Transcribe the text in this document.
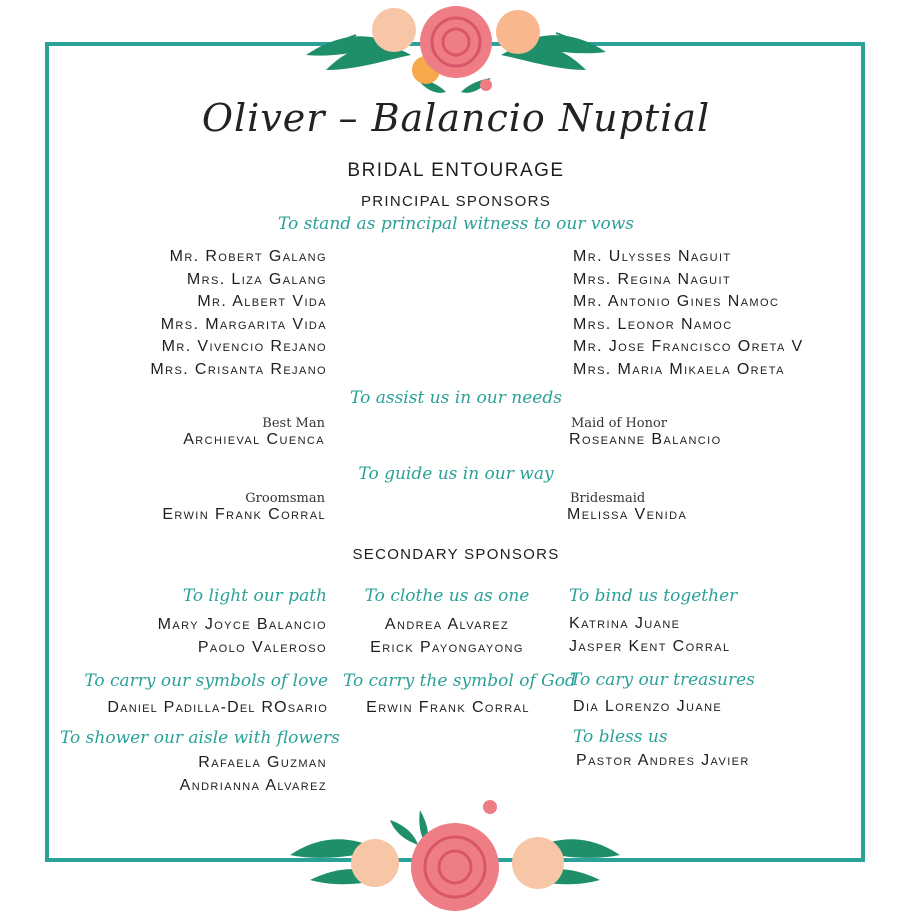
Oliver – Balancio Nuptial
BRIDAL ENTOURAGE
PRINCIPAL SPONSORS
To stand as principal witness to our vows
Mr. Robert Galang
Mrs. Liza Galang
Mr. Albert Vida
Mrs. Margarita Vida
Mr. Vivencio Rejano
Mrs. Crisanta Rejano
Mr. Ulysses Naguit
Mrs. Regina Naguit
Mr. Antonio Gines Namoc
Mrs. Leonor Namoc
Mr. Jose Francisco Oreta V
Mrs. Maria Mikaela Oreta
To assist us in our needs
Best Man
Archieval Cuenca
Maid of Honor
Roseanne Balancio
To guide us in our way
Groomsman
Erwin Frank Corral
Bridesmaid
Melissa Venida
SECONDARY SPONSORS
To light our path
Mary Joyce Balancio
Paolo Valeroso
To clothe us as one
Andrea Alvarez
Erick Payongayong
To bind us together
Katrina Juane
Jasper Kent Corral
To carry our symbols of love
Daniel Padilla-Del ROsario
To carry the symbol of God
Erwin Frank Corral
To cary our treasures
Dia Lorenzo Juane
To shower our aisle with flowers
Rafaela Guzman
Andrianna Alvarez
To bless us
Pastor Andres Javier
